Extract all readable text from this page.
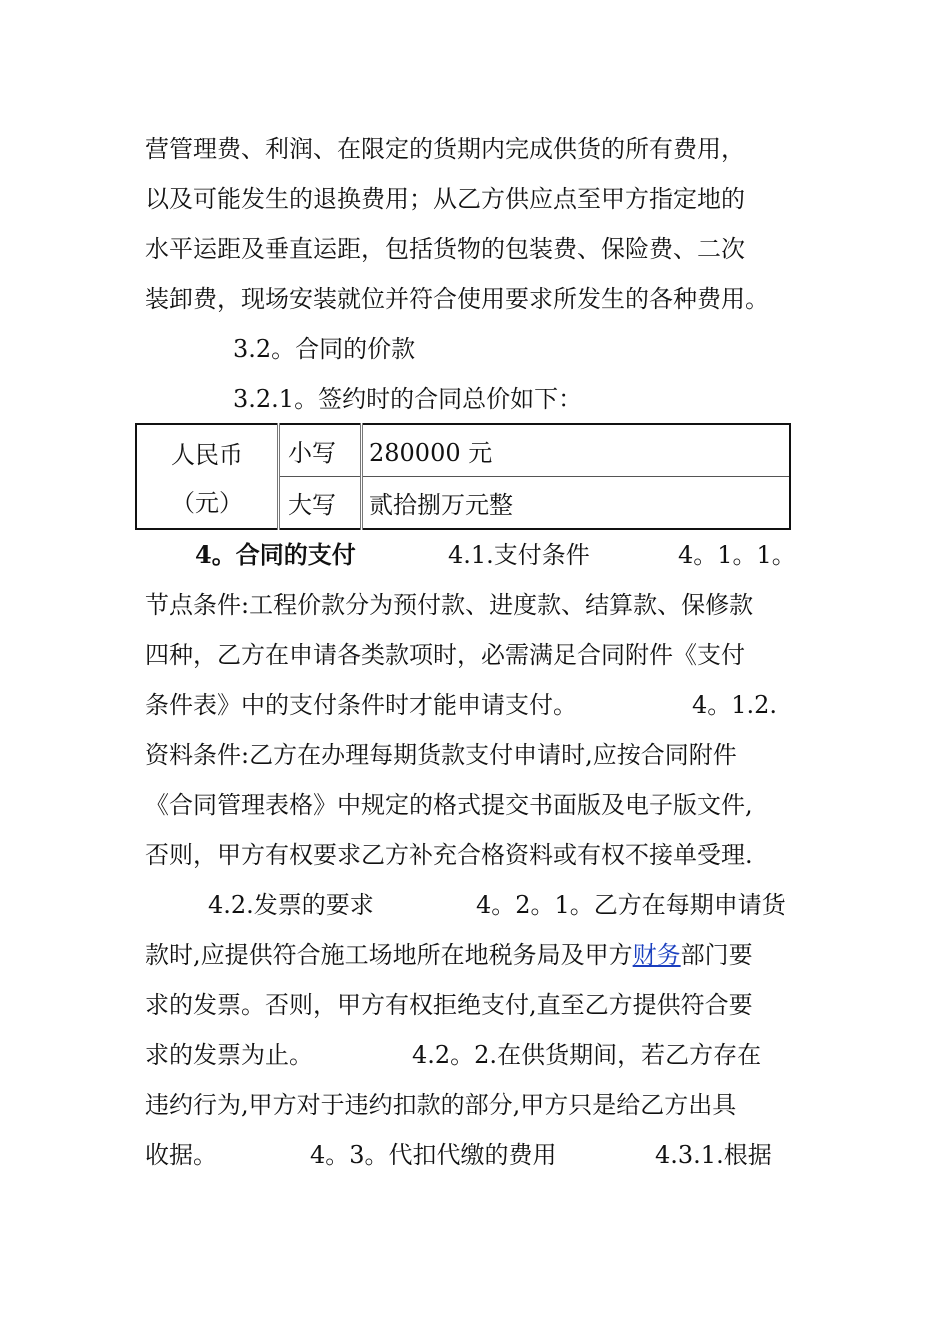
营管理费、利润、在限定的货期内完成供货的所有费用，
以及可能发生的退换费用；从乙方供应点至甲方指定地的
水平运距及垂直运距，包括货物的包装费、保险费、二次
装卸费，现场安装就位并符合使用要求所发生的各种费用。
3.2。合同的价款
3.2.1。签约时的合同总价如下：
人民币
（元）	小写	280000 元
	大写	贰拾捌万元整
4。合同的支付	4.1.支付条件	4。1。1。
节点条件:工程价款分为预付款、进度款、结算款、保修款
四种，乙方在申请各类款项时，必需满足合同附件《支付
条件表》中的支付条件时才能申请支付。	4。1.2.
资料条件:乙方在办理每期货款支付申请时,应按合同附件
《合同管理表格》中规定的格式提交书面版及电子版文件,
否则，甲方有权要求乙方补充合格资料或有权不接单受理.
4.2.发票的要求	4。2。1。乙方在每期申请货
款时,应提供符合施工场地所在地税务局及甲方财务部门要
求的发票。否则，甲方有权拒绝支付,直至乙方提供符合要
求的发票为止。	4.2。2.在供货期间，若乙方存在
违约行为,甲方对于违约扣款的部分,甲方只是给乙方出具
收据。	4。3。代扣代缴的费用	4.3.1.根据
